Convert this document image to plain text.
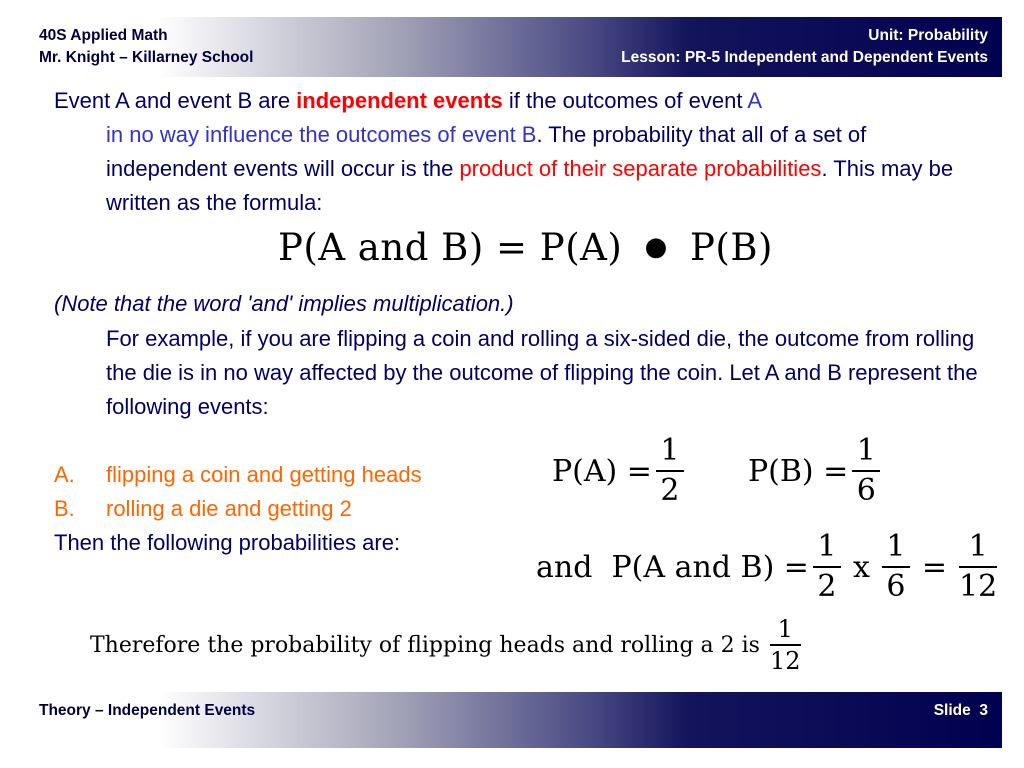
40S Applied Math
Mr. Knight – Killarney School
Unit: Probability
Lesson: PR-5 Independent and Dependent Events
Event A and event B are independent events if the outcomes of event A
in no way influence the outcomes of event B. The probability that all of a set of independent events will occur is the product of their separate probabilities. This may be written as the formula:
P(A and B) = P(A) ● P(B)
(Note that the word 'and' implies multiplication.)
For example, if you are flipping a coin and rolling a six-sided die, the outcome from rolling the die is in no way affected by the outcome of flipping the coin. Let A and B represent the following events:
A. flipping a coin and getting heads
B. rolling a die and getting 2
Then the following probabilities are:
$P(A) = \frac{1}{2} P(B) = \frac{1}{6}$
and  P(A and $B) = \frac{1}{2}$ x $\frac{1}{6} = \frac{1}{12}$
Therefore the probability of flipping heads and rolling a 2 is $\frac{1}{12}$
Theory – Independent Events	Slide 3
